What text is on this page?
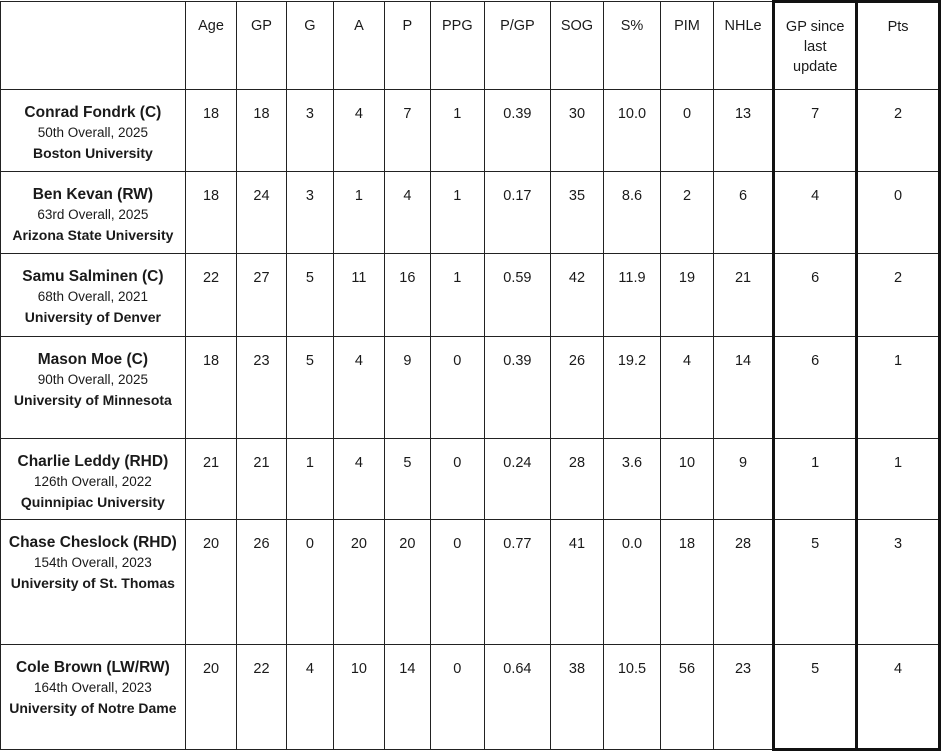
	Age	GP	G	A	P	PPG	P/GP	SOG	S%	PIM	NHLe	GP since last update	Pts

Conrad Fondrk (C)
50th Overall, 2025
Boston University	18	18	3	4	7	1	0.39	30	10.0	0	13	7	2

Ben Kevan (RW)
63rd Overall, 2025
Arizona State University	18	24	3	1	4	1	0.17	35	8.6	2	6	4	0

Samu Salminen (C)
68th Overall, 2021
University of Denver	22	27	5	11	16	1	0.59	42	11.9	19	21	6	2

Mason Moe (C)
90th Overall, 2025
University of Minnesota	18	23	5	4	9	0	0.39	26	19.2	4	14	6	1

Charlie Leddy (RHD)
126th Overall, 2022
Quinnipiac University	21	21	1	4	5	0	0.24	28	3.6	10	9	1	1

Chase Cheslock (RHD)
154th Overall, 2023
University of St. Thomas	20	26	0	20	20	0	0.77	41	0.0	18	28	5	3

Cole Brown (LW/RW)
164th Overall, 2023
University of Notre Dame	20	22	4	10	14	0	0.64	38	10.5	56	23	5	4
